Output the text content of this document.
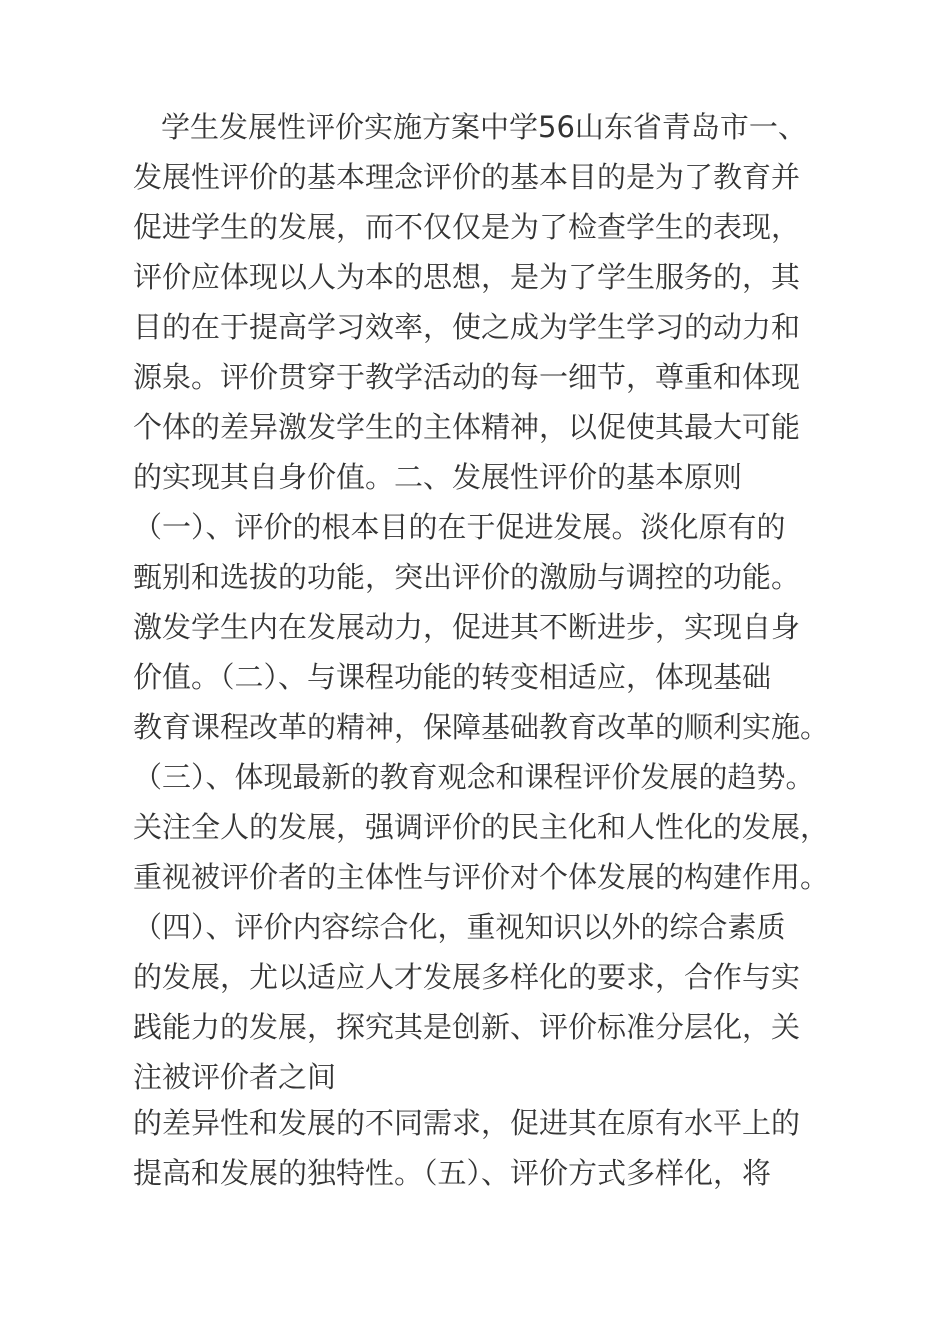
学生发展性评价实施方案中学56山东省青岛市一、
发展性评价的基本理念评价的基本目的是为了教育并
促进学生的发展，而不仅仅是为了检查学生的表现，
评价应体现以人为本的思想，是为了学生服务的，其
目的在于提高学习效率，使之成为学生学习的动力和
源泉。评价贯穿于教学活动的每一细节，尊重和体现
个体的差异激发学生的主体精神，以促使其最大可能
的实现其自身价值。二、发展性评价的基本原则
（一）、评价的根本目的在于促进发展。淡化原有的
甄别和选拔的功能，突出评价的激励与调控的功能。
激发学生内在发展动力，促进其不断进步，实现自身
价值。（二）、与课程功能的转变相适应，体现基础
教育课程改革的精神，保障基础教育改革的顺利实施。
（三）、体现最新的教育观念和课程评价发展的趋势。
关注全人的发展，强调评价的民主化和人性化的发展，
重视被评价者的主体性与评价对个体发展的构建作用。
（四）、评价内容综合化，重视知识以外的综合素质
的发展，尤以适应人才发展多样化的要求，合作与实
践能力的发展，探究其是创新、评价标准分层化，关
注被评价者之间
的差异性和发展的不同需求，促进其在原有水平上的
提高和发展的独特性。（五）、评价方式多样化，将
